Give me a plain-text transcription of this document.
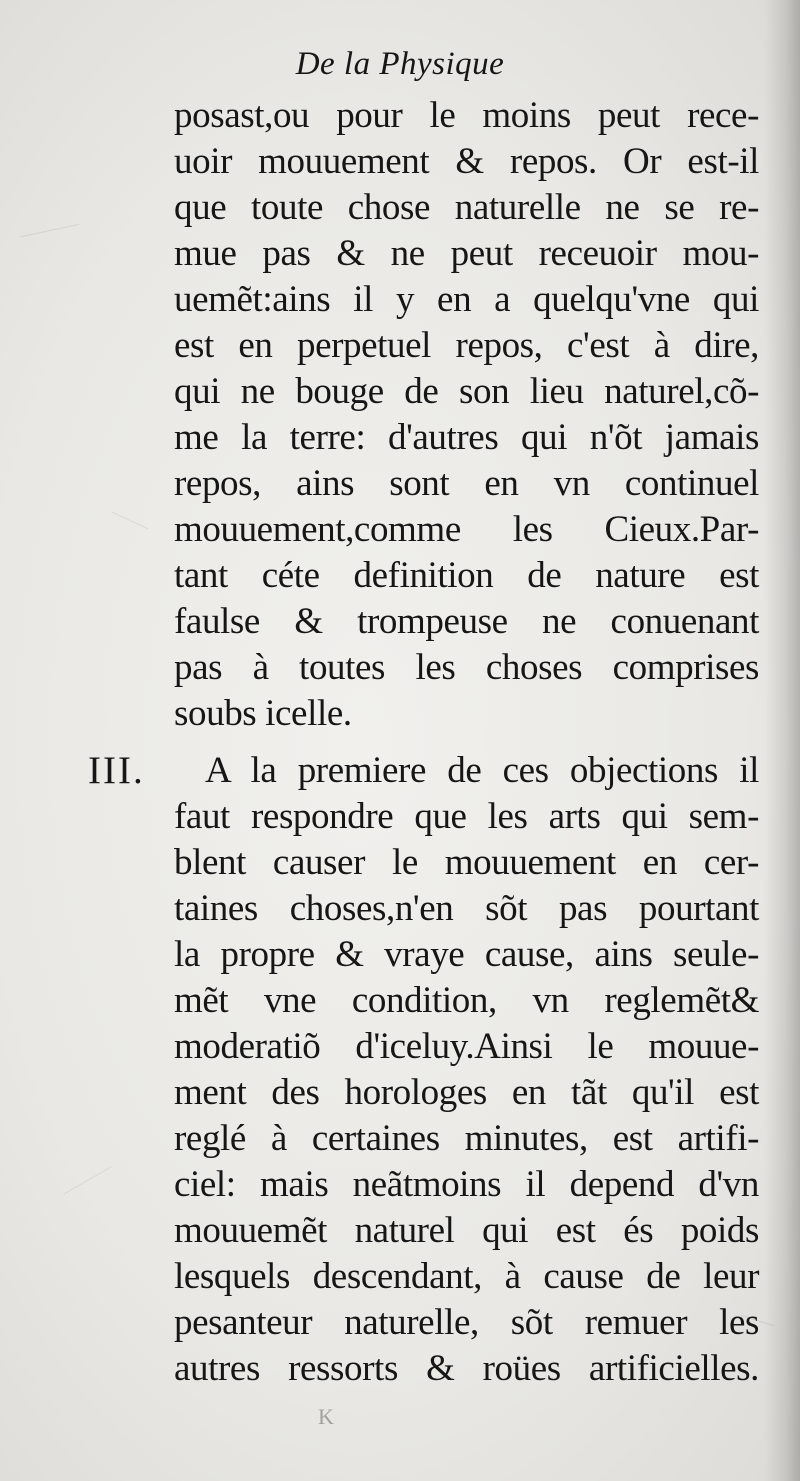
De la Physique
III.
posast,ou pour le moins peut rece-
uoir mouuement & repos. Or est-il
que toute chose naturelle ne se re-
mue pas & ne peut receuoir mou-
uemẽt:ains il y en a quelqu'vne qui
est en perpetuel repos, c'est à dire,
qui ne bouge de son lieu naturel,cõ-
me la terre: d'autres qui n'õt jamais
repos, ains sont en vn continuel
mouuement,comme les Cieux.Par-
tant céte definition de nature est
faulse & trompeuse ne conuenant
pas à toutes les choses comprises
soubs icelle.
A la premiere de ces objections il
faut respondre que les arts qui sem-
blent causer le mouuement en cer-
taines choses,n'en sõt pas pourtant
la propre & vraye cause, ains seule-
mẽt vne condition, vn reglemẽt&
moderatiõ d'iceluy.Ainsi le mouue-
ment des horologes en tãt qu'il est
reglé à certaines minutes, est artifi-
ciel: mais neãtmoins il depend d'vn
mouuemẽt naturel qui est és poids
lesquels descendant, à cause de leur
pesanteur naturelle, sõt remuer les
autres ressorts & roües artificielles.
K
